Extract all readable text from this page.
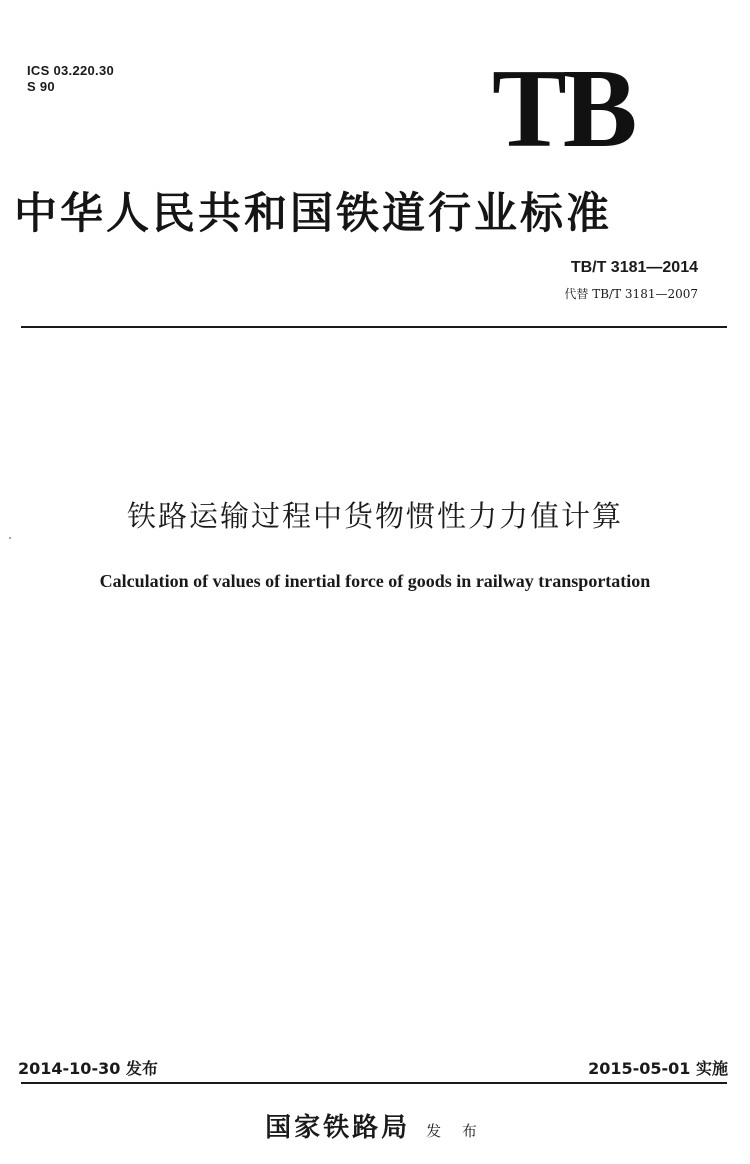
ICS 03.220.30
S 90	TB
中华人民共和国铁道行业标准
TB/T 3181—2014
代替 TB/T 3181—2007
铁路运输过程中货物惯性力力值计算
Calculation of values of inertial force of goods in railway transportation
2014-10-30 发布	2015-05-01 实施
国家铁路局 发 布
